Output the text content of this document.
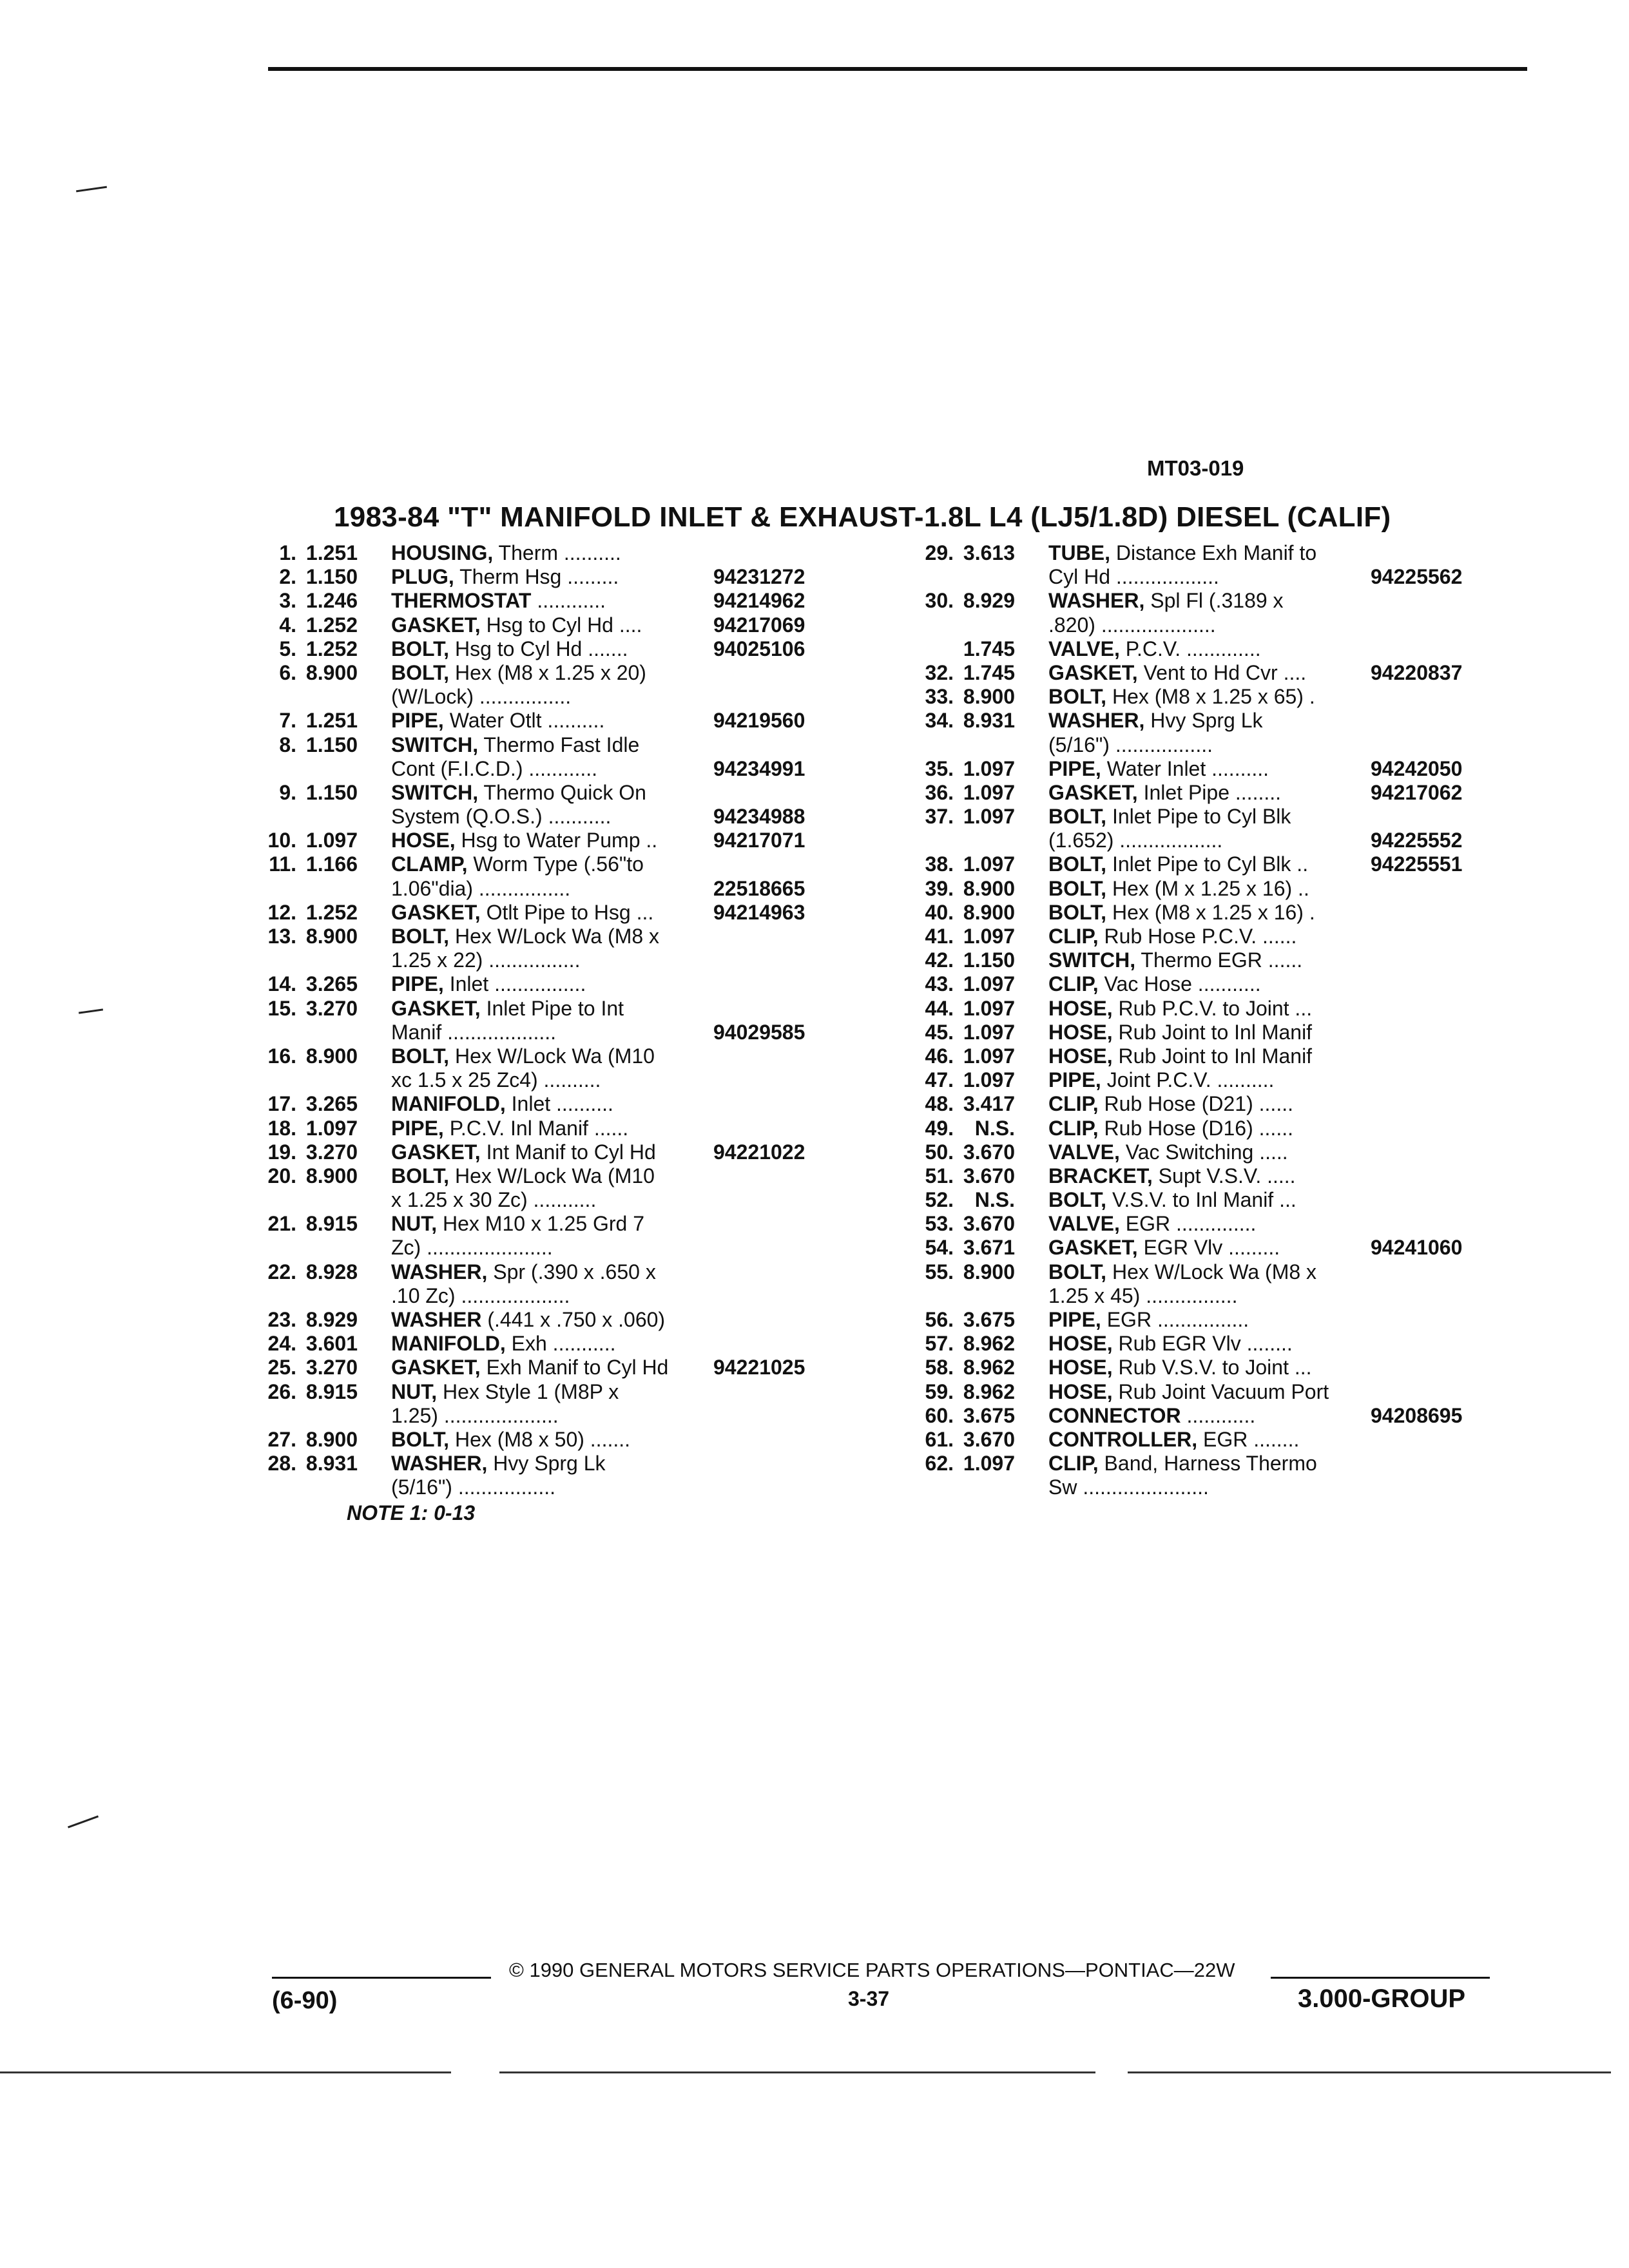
MT03-019
1983-84 "T" MANIFOLD INLET & EXHAUST-1.8L L4 (LJ5/1.8D) DIESEL (CALIF)
1. 1.251 HOUSING, Therm ..........
2. 1.150 PLUG, Therm Hsg .........	94231272
3. 1.246 THERMOSTAT ............	94214962
4. 1.252 GASKET, Hsg to Cyl Hd ....	94217069
5. 1.252 BOLT, Hsg to Cyl Hd .......	94025106
6. 8.900 BOLT, Hex (M8 x 1.25 x 20)
(W/Lock) ................
7. 1.251 PIPE, Water Otlt ..........	94219560
8. 1.150 SWITCH, Thermo Fast Idle
Cont (F.I.C.D.) ............	94234991
9. 1.150 SWITCH, Thermo Quick On
System (Q.O.S.) ...........	94234988
10. 1.097 HOSE, Hsg to Water Pump ..	94217071
11. 1.166 CLAMP, Worm Type (.56"to
1.06"dia) ................	22518665
12. 1.252 GASKET, Otlt Pipe to Hsg ...	94214963
13. 8.900 BOLT, Hex W/Lock Wa (M8 x
1.25 x 22) ................
14. 3.265 PIPE, Inlet ................
15. 3.270 GASKET, Inlet Pipe to Int
Manif ...................	94029585
16. 8.900 BOLT, Hex W/Lock Wa (M10
xc 1.5 x 25 Zc4) ..........
17. 3.265 MANIFOLD, Inlet ..........
18. 1.097 PIPE, P.C.V. Inl Manif ......
19. 3.270 GASKET, Int Manif to Cyl Hd	94221022
20. 8.900 BOLT, Hex W/Lock Wa (M10
x 1.25 x 30 Zc) ...........
21. 8.915 NUT, Hex M10 x 1.25 Grd 7
Zc) ......................
22. 8.928 WASHER, Spr (.390 x .650 x
.10 Zc) ...................
23. 8.929 WASHER (.441 x .750 x .060)
24. 3.601 MANIFOLD, Exh ...........
25. 3.270 GASKET, Exh Manif to Cyl Hd	94221025
26. 8.915 NUT, Hex Style 1 (M8P x
1.25) ....................
27. 8.900 BOLT, Hex (M8 x 50) .......
28. 8.931 WASHER, Hvy Sprg Lk
(5/16") .................
29. 3.613 TUBE, Distance Exh Manif to
Cyl Hd ..................	94225562
30. 8.929 WASHER, Spl Fl (.3189 x
.820) ....................
1.745 VALVE, P.C.V. .............
32. 1.745 GASKET, Vent to Hd Cvr ....	94220837
33. 8.900 BOLT, Hex (M8 x 1.25 x 65) .
34. 8.931 WASHER, Hvy Sprg Lk
(5/16") .................
35. 1.097 PIPE, Water Inlet ..........	94242050
36. 1.097 GASKET, Inlet Pipe ........	94217062
37. 1.097 BOLT, Inlet Pipe to Cyl Blk
(1.652) ..................	94225552
38. 1.097 BOLT, Inlet Pipe to Cyl Blk ..	94225551
39. 8.900 BOLT, Hex (M x 1.25 x 16) ..
40. 8.900 BOLT, Hex (M8 x 1.25 x 16) .
41. 1.097 CLIP, Rub Hose P.C.V. ......
42. 1.150 SWITCH, Thermo EGR ......
43. 1.097 CLIP, Vac Hose ...........
44. 1.097 HOSE, Rub P.C.V. to Joint ...
45. 1.097 HOSE, Rub Joint to Inl Manif
46. 1.097 HOSE, Rub Joint to Inl Manif
47. 1.097 PIPE, Joint P.C.V. ..........
48. 3.417 CLIP, Rub Hose (D21) ......
49.	N.S. CLIP, Rub Hose (D16) ......
50. 3.670 VALVE, Vac Switching .....
51. 3.670 BRACKET, Supt V.S.V. .....
52.	N.S. BOLT, V.S.V. to Inl Manif ...
53. 3.670 VALVE, EGR ..............
54. 3.671 GASKET, EGR Vlv .........	94241060
55. 8.900 BOLT, Hex W/Lock Wa (M8 x
1.25 x 45) ................
56. 3.675 PIPE, EGR ................
57. 8.962 HOSE, Rub EGR Vlv ........
58. 8.962 HOSE, Rub V.S.V. to Joint ...
59. 8.962 HOSE, Rub Joint Vacuum Port
60. 3.675 CONNECTOR ............	94208695
61. 3.670 CONTROLLER, EGR ........
62. 1.097 CLIP, Band, Harness Thermo
Sw ......................
NOTE 1: 0-13
© 1990 GENERAL MOTORS SERVICE PARTS OPERATIONS—PONTIAC—22W
(6-90)	3-37	3.000-GROUP
